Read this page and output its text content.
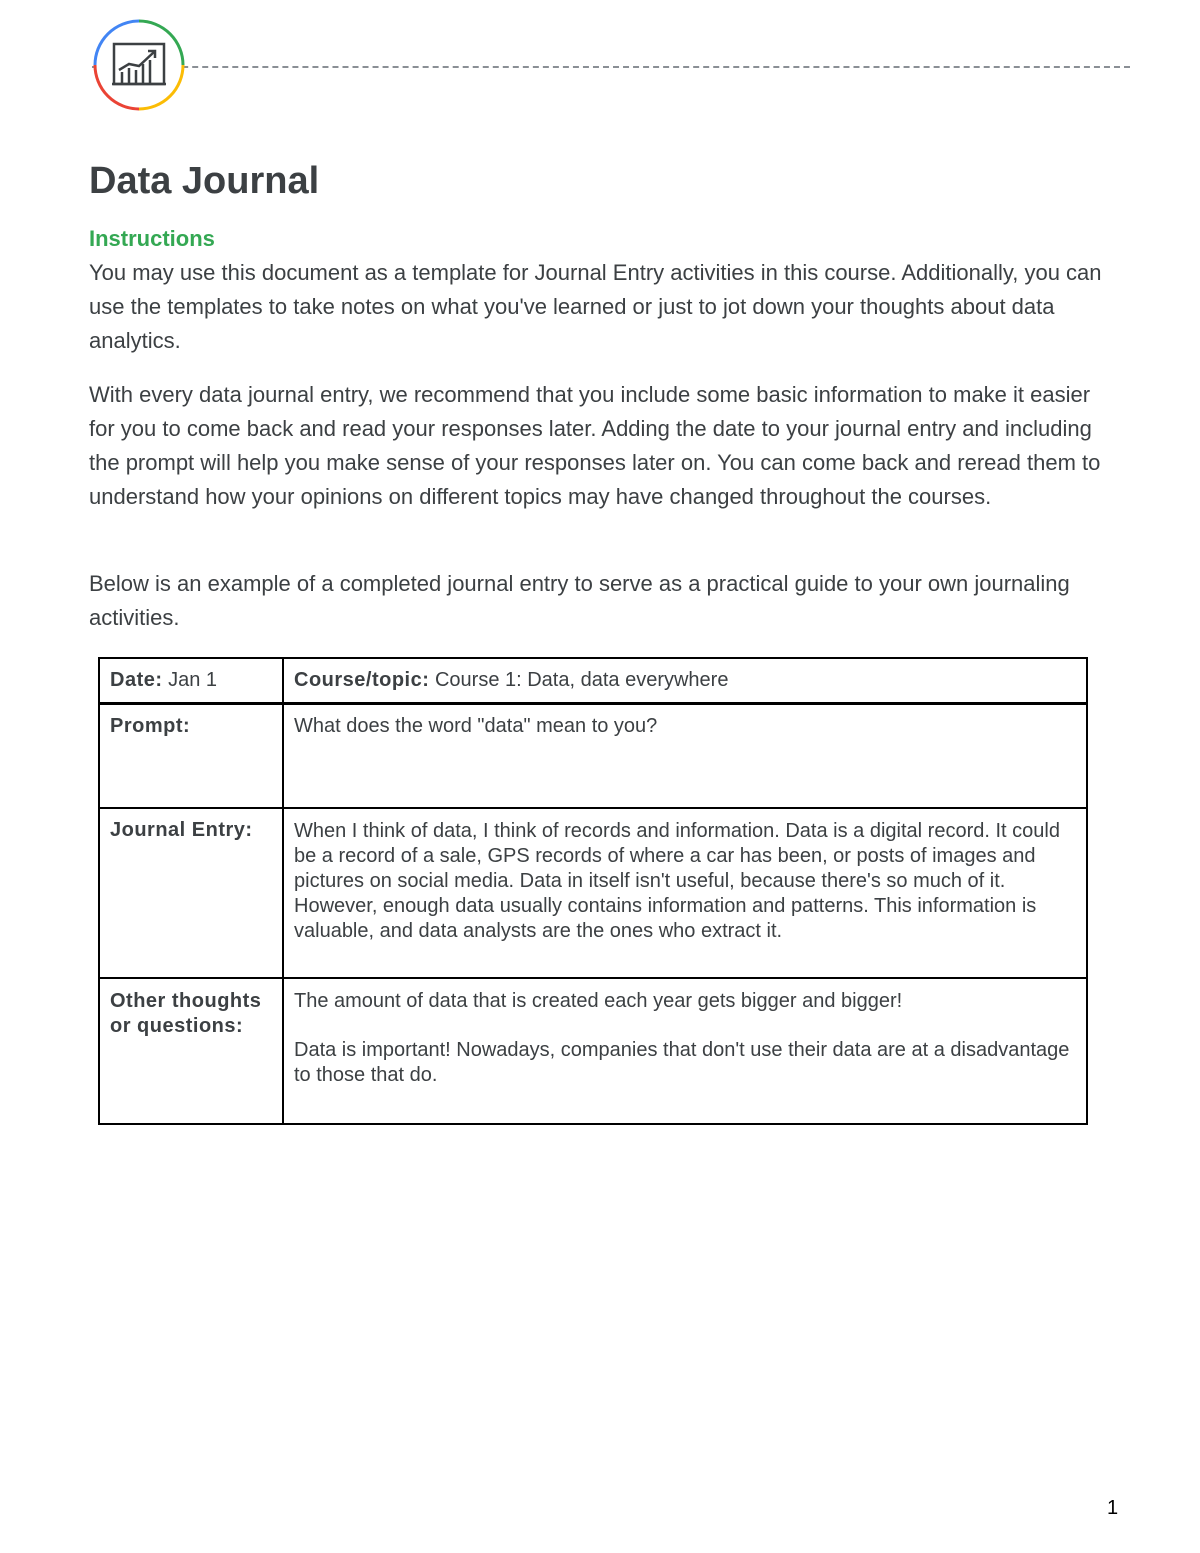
Data Journal
Instructions

You may use this document as a template for Journal Entry activities in this course. Additionally, you can use the templates to take notes on what you've learned or just to jot down your thoughts about data analytics.

With every data journal entry, we recommend that you include some basic information to make it easier for you to come back and read your responses later. Adding the date to your journal entry and including the prompt will help you make sense of your responses later on. You can come back and reread them to understand how your opinions on different topics may have changed throughout the courses.

Below is an example of a completed journal entry to serve as a practical guide to your own journaling activities.

Date: Jan 1	Course/topic: Course 1: Data, data everywhere
Prompt:	What does the word "data" mean to you?
Journal Entry:	When I think of data, I think of records and information. Data is a digital record. It could be a record of a sale, GPS records of where a car has been, or posts of images and pictures on social media. Data in itself isn't useful, because there's so much of it. However, enough data usually contains information and patterns. This information is valuable, and data analysts are the ones who extract it.

Other thoughts or questions:	The amount of data that is created each year gets bigger and bigger!
Data is important! Nowadays, companies that don't use their data are at a disadvantage to those that do.
1
